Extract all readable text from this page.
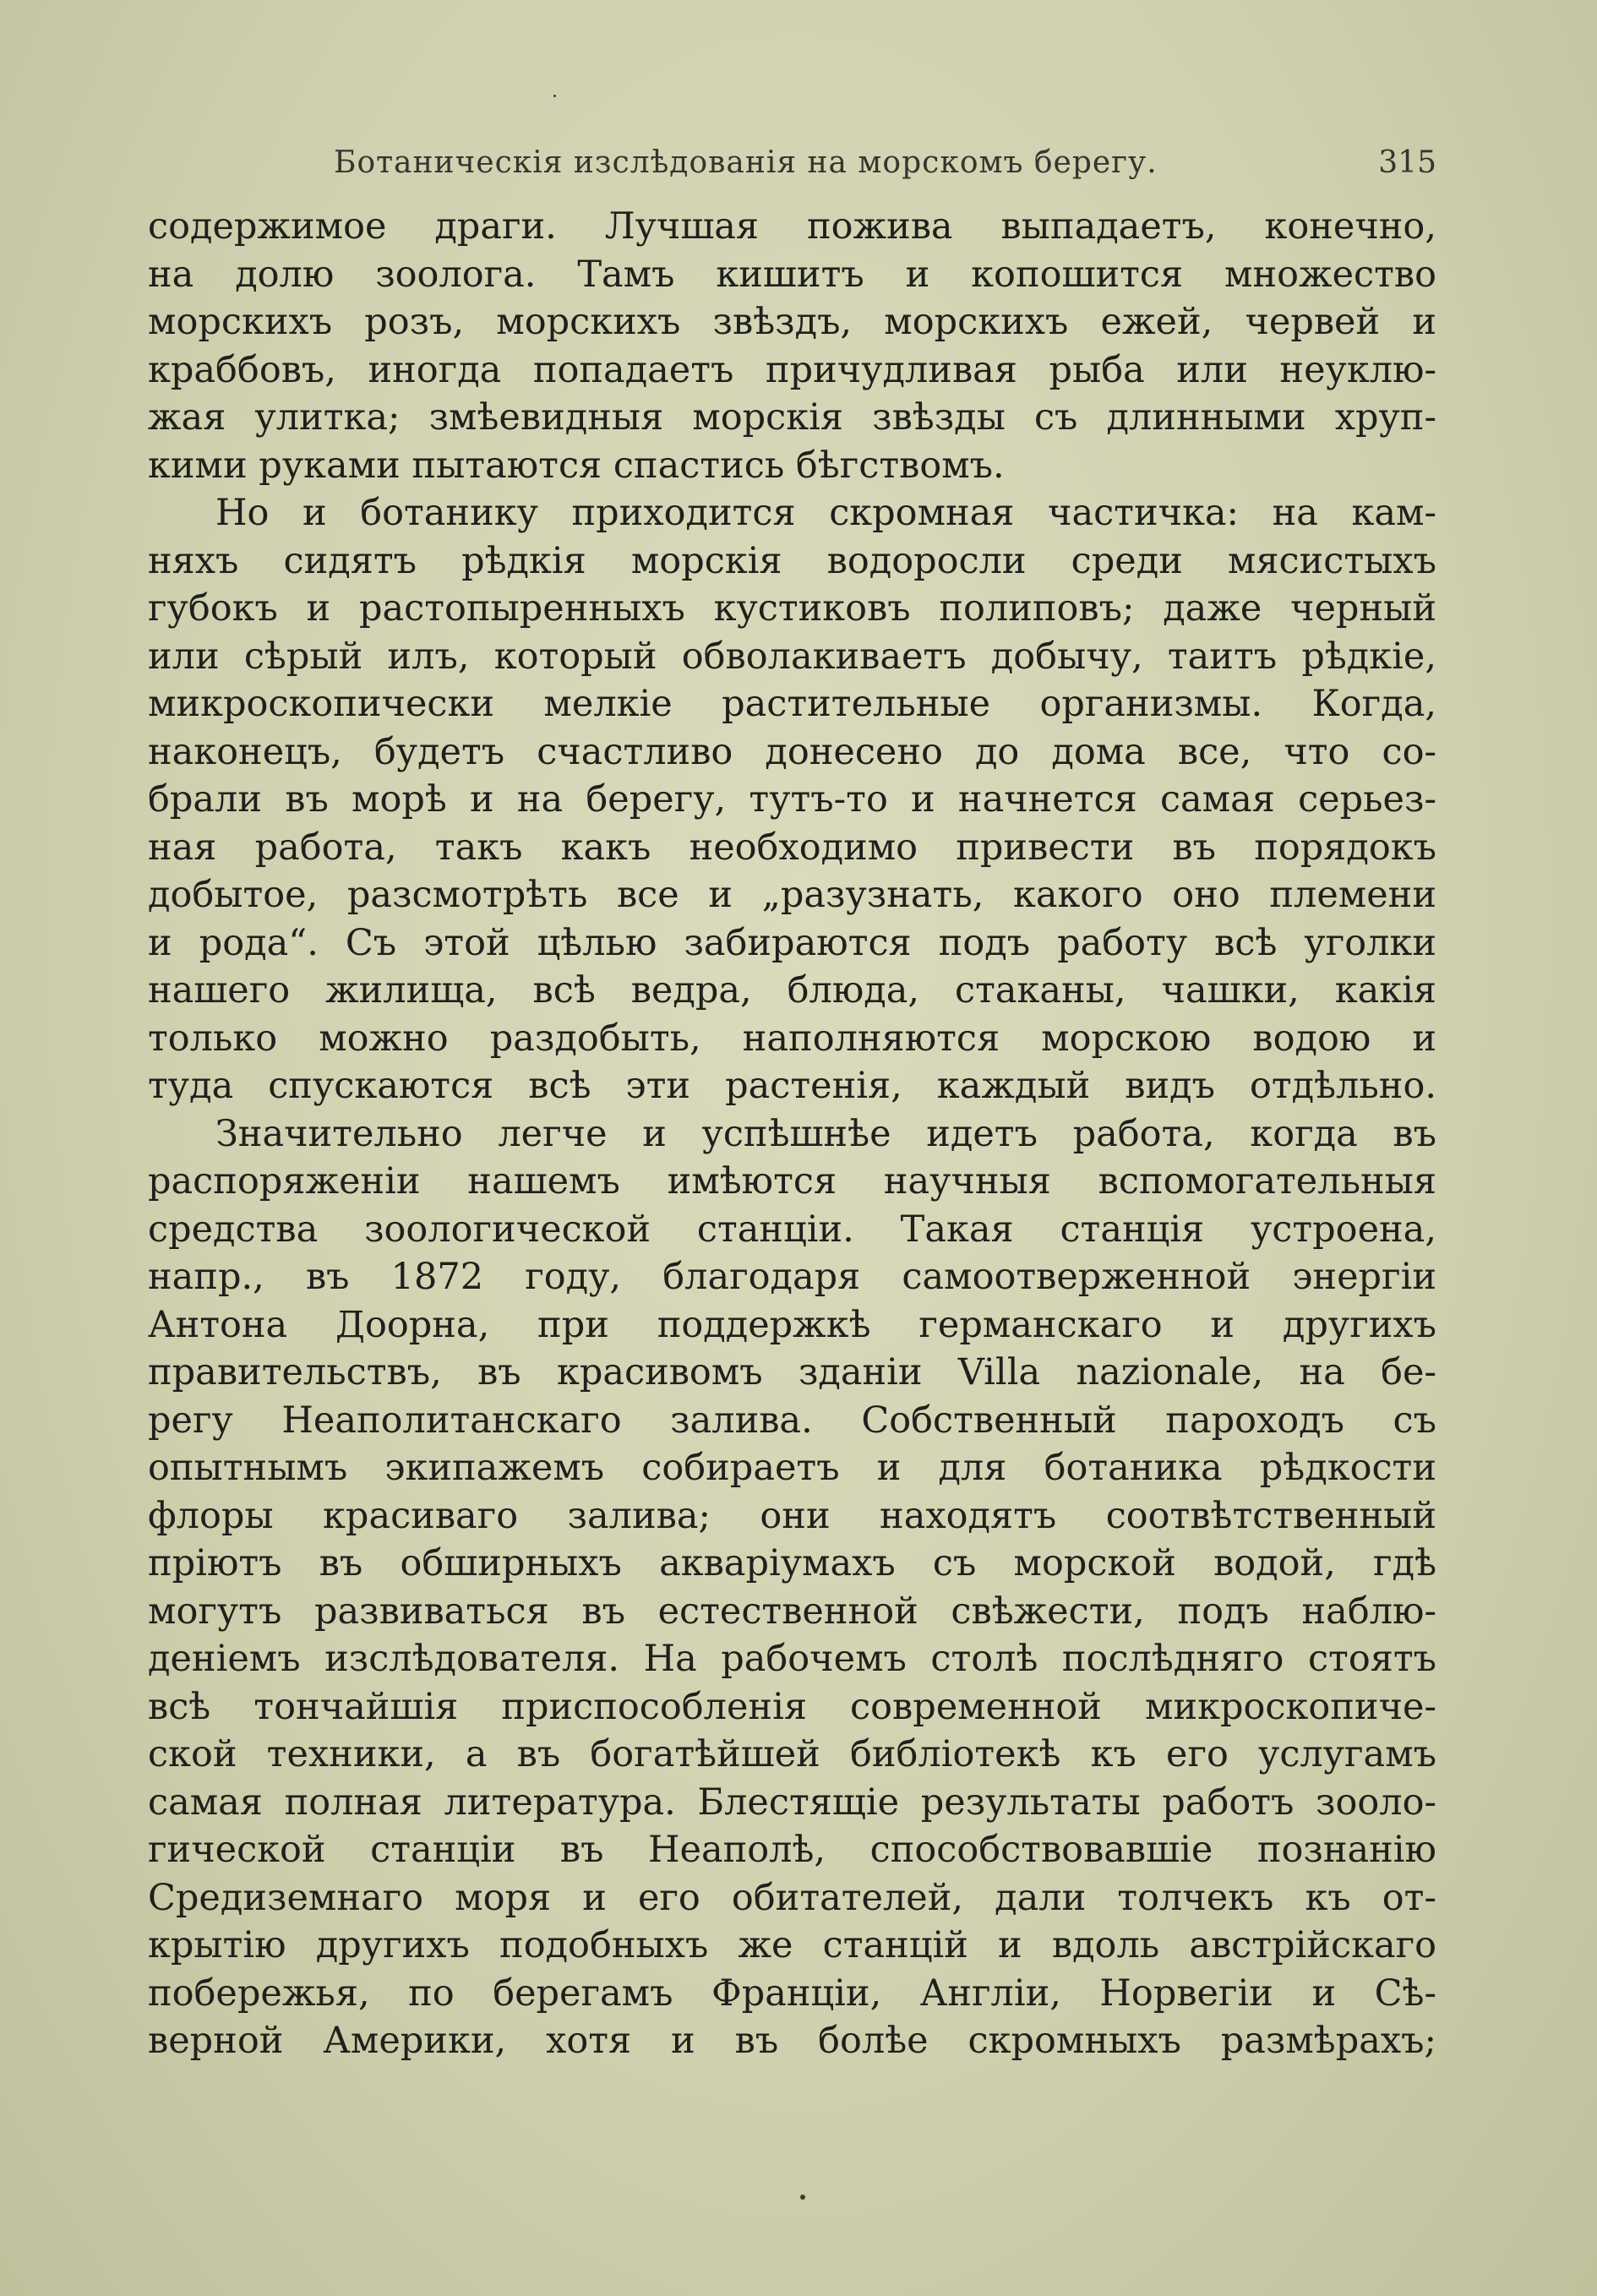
Ботаническія изслѣдованія на морскомъ берегу.	315
содержимое драги. Лучшая пожива выпадаетъ, конечно,
на долю зоолога. Тамъ кишитъ и копошится множество
морскихъ розъ, морскихъ звѣздъ, морскихъ ежей, червей и
краббовъ, иногда попадаетъ причудливая рыба или неуклю-
жая улитка; змѣевидныя морскія звѣзды съ длинными хруп-
кими руками пытаются спастись бѣгствомъ.
Но и ботанику приходится скромная частичка: на кам-
няхъ сидятъ рѣдкія морскія водоросли среди мясистыхъ
губокъ и растопыренныхъ кустиковъ полиповъ; даже черный
или сѣрый илъ, который обволакиваетъ добычу, таитъ рѣдкіе,
микроскопически мелкіе растительные организмы. Когда,
наконецъ, будетъ счастливо донесено до дома все, что со-
брали въ морѣ и на берегу, тутъ-то и начнется самая серьез-
ная работа, такъ какъ необходимо привести въ порядокъ
добытое, разсмотрѣть все и „разузнать, какого оно племени
и рода“. Съ этой цѣлью забираются подъ работу всѣ уголки
нашего жилища, всѣ ведра, блюда, стаканы, чашки, какія
только можно раздобыть, наполняются морскою водою и
туда спускаются всѣ эти растенія, каждый видъ отдѣльно.
Значительно легче и успѣшнѣе идетъ работа, когда въ
распоряженіи нашемъ имѣются научныя вспомогательныя
средства зоологической станціи. Такая станція устроена,
напр., въ 1872 году, благодаря самоотверженной энергіи
Антона Доорна, при поддержкѣ германскаго и другихъ
правительствъ, въ красивомъ зданіи Villa nazionale, на бе-
регу Неаполитанскаго залива. Собственный пароходъ съ
опытнымъ экипажемъ собираетъ и для ботаника рѣдкости
флоры красиваго залива; они находятъ соотвѣтственный
пріютъ въ обширныхъ акваріумахъ съ морской водой, гдѣ
могутъ развиваться въ естественной свѣжести, подъ наблю-
деніемъ изслѣдователя. На рабочемъ столѣ послѣдняго стоятъ
всѣ тончайшія приспособленія современной микроскопиче-
ской техники, а въ богатѣйшей библіотекѣ къ его услугамъ
самая полная литература. Блестящіе результаты работъ зооло-
гической станціи въ Неаполѣ, способствовавшіе познанію
Средиземнаго моря и его обитателей, дали толчекъ къ от-
крытію другихъ подобныхъ же станцій и вдоль австрійскаго
побережья, по берегамъ Франціи, Англіи, Норвегіи и Сѣ-
верной Америки, хотя и въ болѣе скромныхъ размѣрахъ;
